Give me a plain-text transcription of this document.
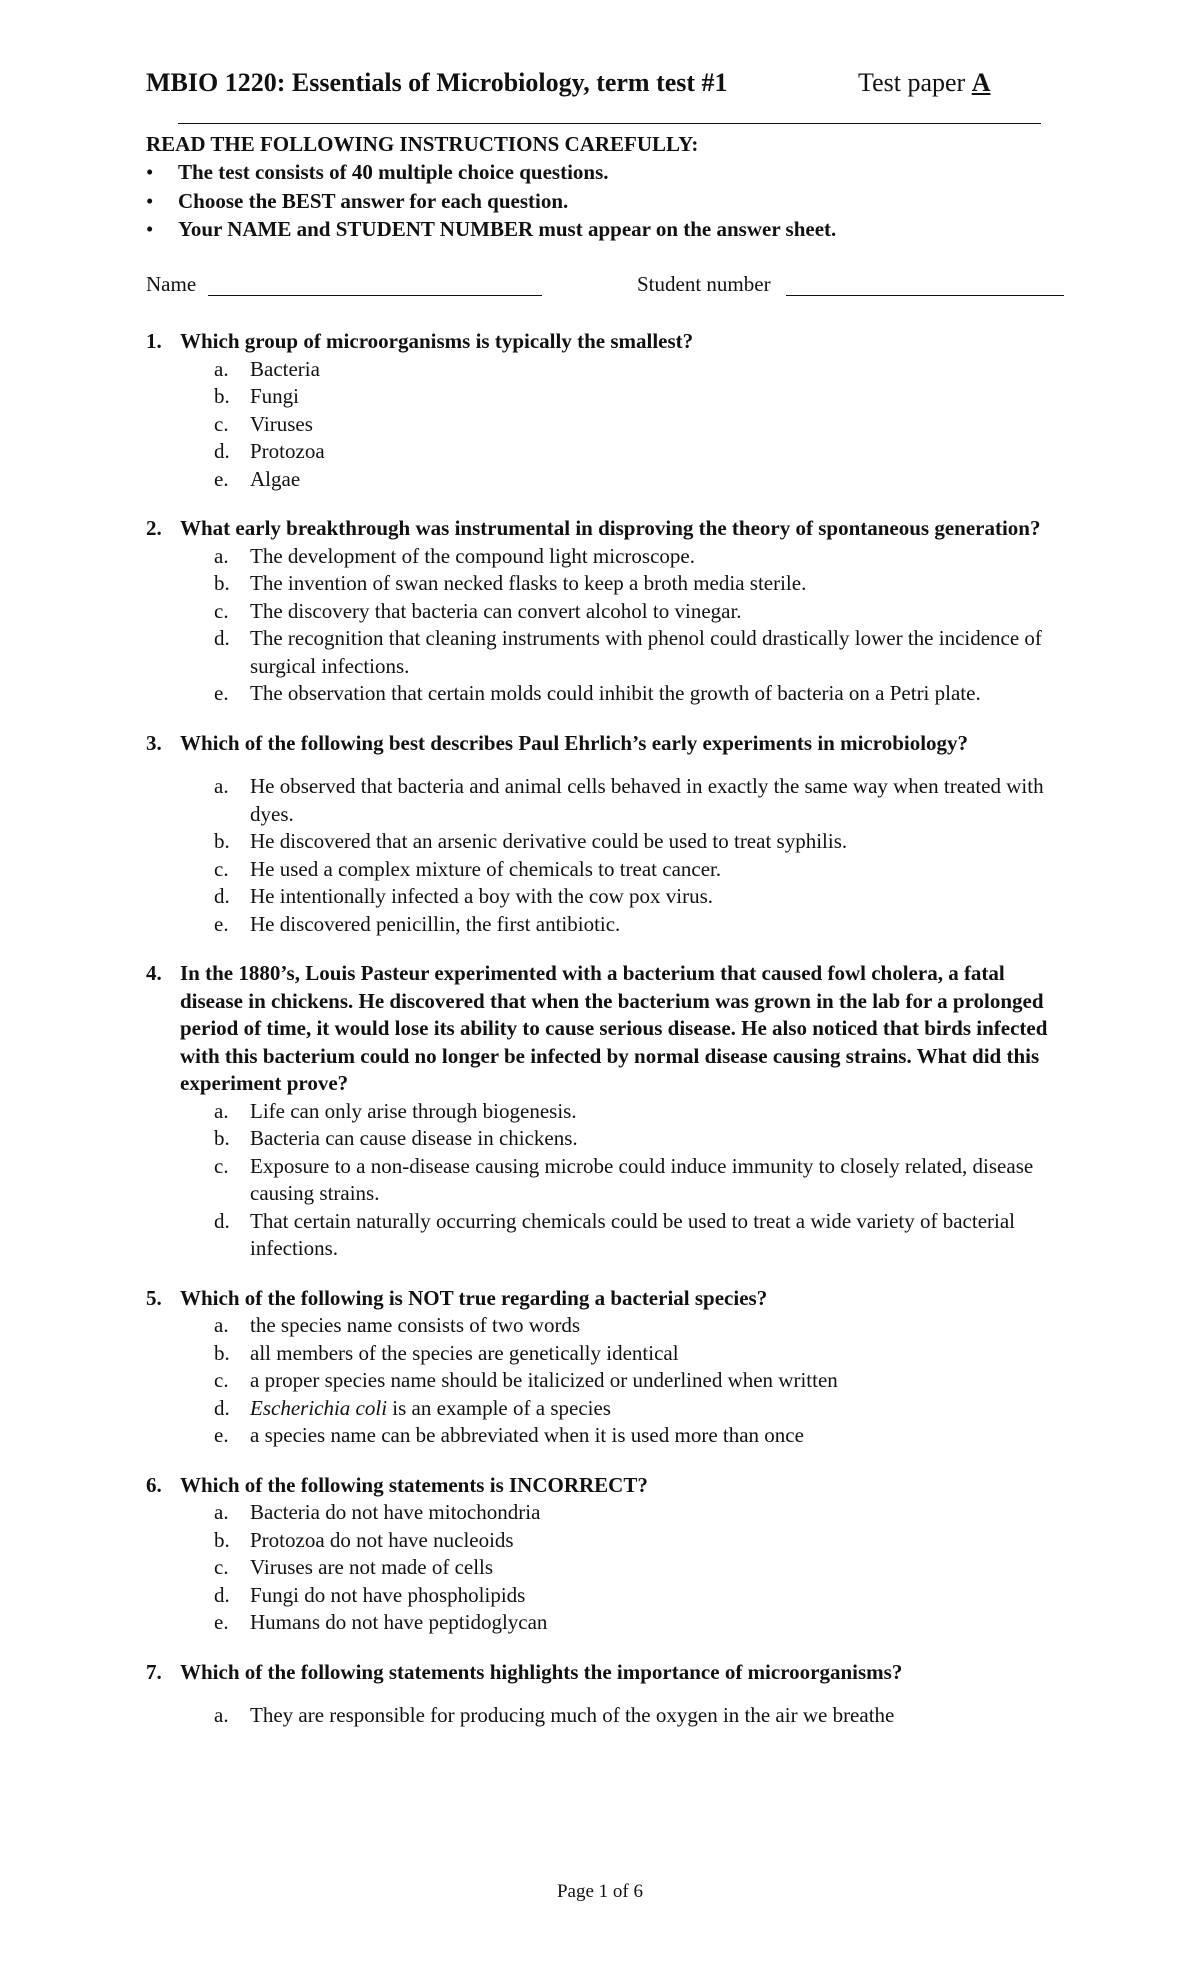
MBIO 1220: Essentials of Microbiology, term test #1	Test paper A
READ THE FOLLOWING INSTRUCTIONS CAREFULLY:
• The test consists of 40 multiple choice questions.
• Choose the BEST answer for each question.
• Your NAME and STUDENT NUMBER must appear on the answer sheet.
Name	Student number
1. Which group of microorganisms is typically the smallest?
a. Bacteria
b. Fungi
c. Viruses
d. Protozoa
e. Algae
2. What early breakthrough was instrumental in disproving the theory of spontaneous generation?
a. The development of the compound light microscope.
b. The invention of swan necked flasks to keep a broth media sterile.
c. The discovery that bacteria can convert alcohol to vinegar.
d. The recognition that cleaning instruments with phenol could drastically lower the incidence of surgical infections.
e. The observation that certain molds could inhibit the growth of bacteria on a Petri plate.
3. Which of the following best describes Paul Ehrlich’s early experiments in microbiology?
a. He observed that bacteria and animal cells behaved in exactly the same way when treated with dyes.
b. He discovered that an arsenic derivative could be used to treat syphilis.
c. He used a complex mixture of chemicals to treat cancer.
d. He intentionally infected a boy with the cow pox virus.
e. He discovered penicillin, the first antibiotic.
4. In the 1880’s, Louis Pasteur experimented with a bacterium that caused fowl cholera, a fatal disease in chickens. He discovered that when the bacterium was grown in the lab for a prolonged period of time, it would lose its ability to cause serious disease. He also noticed that birds infected with this bacterium could no longer be infected by normal disease causing strains. What did this experiment prove?
a. Life can only arise through biogenesis.
b. Bacteria can cause disease in chickens.
c. Exposure to a non-disease causing microbe could induce immunity to closely related, disease causing strains.
d. That certain naturally occurring chemicals could be used to treat a wide variety of bacterial infections.
5. Which of the following is NOT true regarding a bacterial species?
a. the species name consists of two words
b. all members of the species are genetically identical
c. a proper species name should be italicized or underlined when written
d. Escherichia coli is an example of a species
e. a species name can be abbreviated when it is used more than once
6. Which of the following statements is INCORRECT?
a. Bacteria do not have mitochondria
b. Protozoa do not have nucleoids
c. Viruses are not made of cells
d. Fungi do not have phospholipids
e. Humans do not have peptidoglycan
7. Which of the following statements highlights the importance of microorganisms?
a. They are responsible for producing much of the oxygen in the air we breathe
Page 1 of 6
